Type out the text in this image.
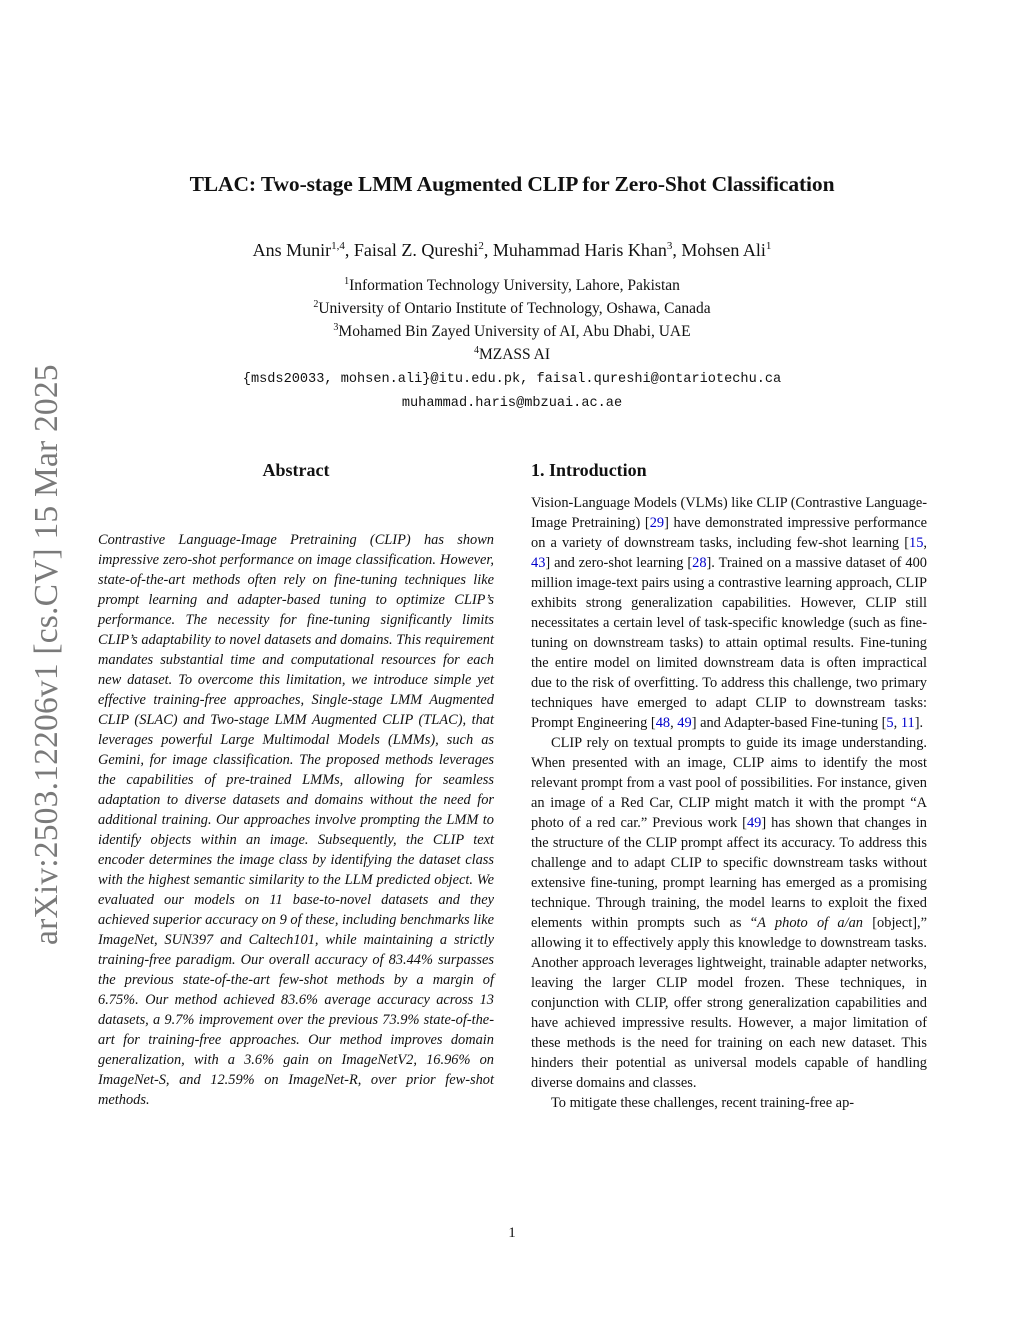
arXiv:2503.12206v1 [cs.CV] 15 Mar 2025
TLAC: Two-stage LMM Augmented CLIP for Zero-Shot Classification
Ans Munir$^{1,4}$, Faisal Z. Qureshi$^2$, Muhammad Haris Khan$^3$, Mohsen Ali$^1$
$^1$Information Technology University, Lahore, Pakistan
$^2$University of Ontario Institute of Technology, Oshawa, Canada
$^3$Mohamed Bin Zayed University of AI, Abu Dhabi, UAE
$^4$MZASS AI
{msds20033, mohsen.ali}@itu.edu.pk, faisal.qureshi@ontariotechu.ca
muhammad.haris@mbzuai.ac.ae
Abstract
Contrastive Language-Image Pretraining (CLIP) has shown impressive zero-shot performance on image classification. However, state-of-the-art methods often rely on fine-tuning techniques like prompt learning and adapter-based tuning to optimize CLIP’s performance. The necessity for fine-tuning significantly limits CLIP’s adaptability to novel datasets and domains. This requirement mandates substantial time and computational resources for each new dataset. To overcome this limitation, we introduce simple yet effective training-free approaches, Single-stage LMM Augmented CLIP (SLAC) and Two-stage LMM Augmented CLIP (TLAC), that leverages powerful Large Multimodal Models (LMMs), such as Gemini, for image classification. The proposed methods leverages the capabilities of pre-trained LMMs, allowing for seamless adaptation to diverse datasets and domains without the need for additional training. Our approaches involve prompting the LMM to identify objects within an image. Subsequently, the CLIP text encoder determines the image class by identifying the dataset class with the highest semantic similarity to the LLM predicted object. We evaluated our models on 11 base-to-novel datasets and they achieved superior accuracy on 9 of these, including benchmarks like ImageNet, SUN397 and Caltech101, while maintaining a strictly training-free paradigm. Our overall accuracy of 83.44% surpasses the previous state-of-the-art few-shot methods by a margin of 6.75%. Our method achieved 83.6% average accuracy across 13 datasets, a 9.7% improvement over the previous 73.9% state-of-the-art for training-free approaches. Our method improves domain generalization, with a 3.6% gain on ImageNetV2, 16.96% on ImageNet-S, and 12.59% on ImageNet-R, over prior few-shot methods.
1. Introduction

Vision-Language Models (VLMs) like CLIP (Contrastive Language-Image Pretraining) [29] have demonstrated impressive performance on a variety of downstream tasks, including few-shot learning [15, 43] and zero-shot learning [28]. Trained on a massive dataset of 400 million image-text pairs using a contrastive learning approach, CLIP exhibits strong generalization capabilities. However, CLIP still necessitates a certain level of task-specific knowledge (such as fine-tuning on downstream tasks) to attain optimal results. Fine-tuning the entire model on limited downstream data is often impractical due to the risk of overfitting. To address this challenge, two primary techniques have emerged to adapt CLIP to downstream tasks: Prompt Engineering [48, 49] and Adapter-based Fine-tuning [5, 11].

CLIP rely on textual prompts to guide its image understanding. When presented with an image, CLIP aims to identify the most relevant prompt from a vast pool of possibilities. For instance, given an image of a Red Car, CLIP might match it with the prompt “A photo of a red car.” Previous work [49] has shown that changes in the structure of the CLIP prompt affect its accuracy. To address this challenge and to adapt CLIP to specific downstream tasks without extensive fine-tuning, prompt learning has emerged as a promising technique. Through training, the model learns to exploit the fixed elements within prompts such as “A photo of a/an [object],” allowing it to effectively apply this knowledge to downstream tasks. Another approach leverages lightweight, trainable adapter networks, leaving the larger CLIP model frozen. These techniques, in conjunction with CLIP, offer strong generalization capabilities and have achieved impressive results. However, a major limitation of these methods is the need for training on each new dataset. This hinders their potential as universal models capable of handling diverse domains and classes.

To mitigate these challenges, recent training-free ap-

1
